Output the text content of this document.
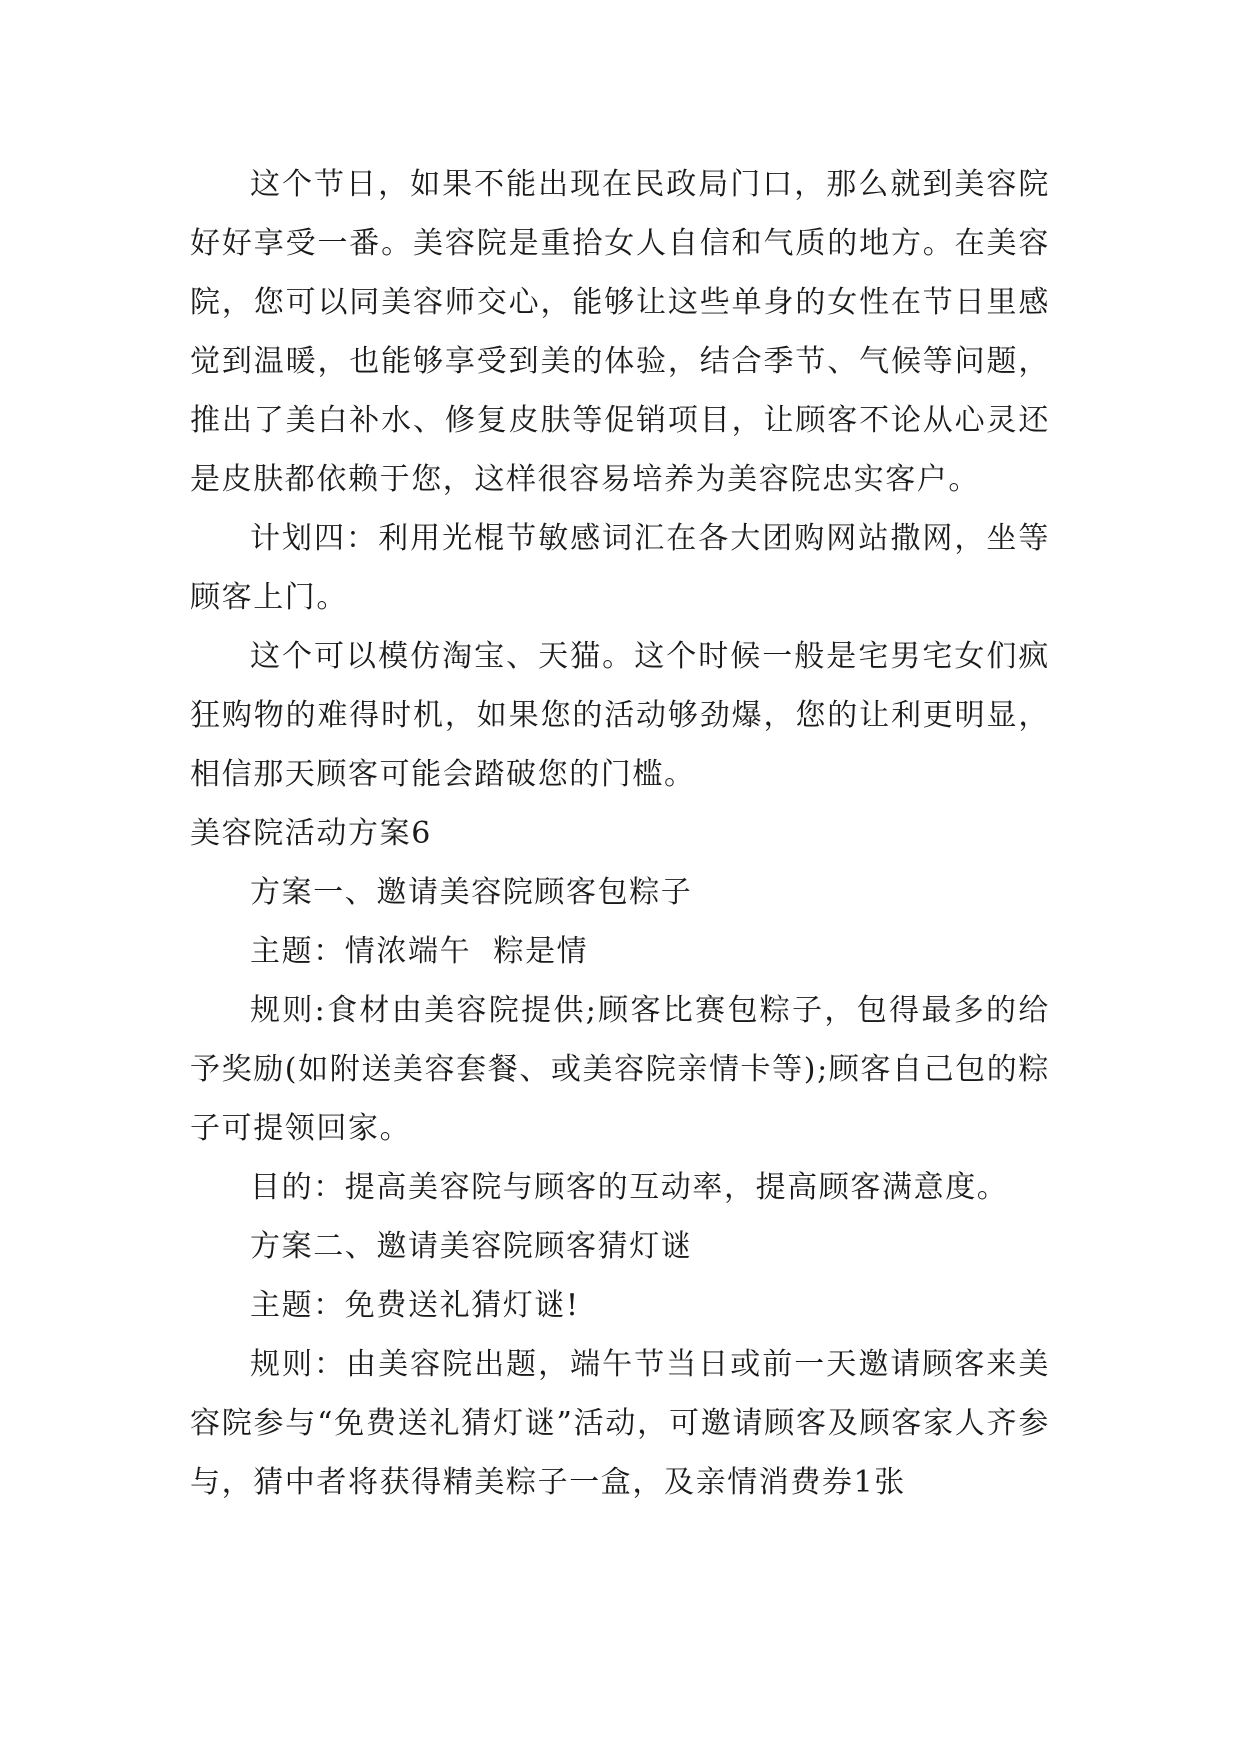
这个节日，如果不能出现在民政局门口，那么就到美容院好好享受一番。美容院是重拾女人自信和气质的地方。在美容院，您可以同美容师交心，能够让这些单身的女性在节日里感觉到温暖，也能够享受到美的体验，结合季节、气候等问题，推出了美白补水、修复皮肤等促销项目，让顾客不论从心灵还是皮肤都依赖于您，这样很容易培养为美容院忠实客户。

计划四：利用光棍节敏感词汇在各大团购网站撒网，坐等顾客上门。

这个可以模仿淘宝、天猫。这个时候一般是宅男宅女们疯狂购物的难得时机，如果您的活动够劲爆，您的让利更明显，相信那天顾客可能会踏破您的门槛。

美容院活动方案6

方案一、邀请美容院顾客包粽子

主题：情浓端午  粽是情

规则:食材由美容院提供;顾客比赛包粽子，包得最多的给予奖励(如附送美容套餐、或美容院亲情卡等);顾客自己包的粽子可提领回家。

目的：提高美容院与顾客的互动率，提高顾客满意度。

方案二、邀请美容院顾客猜灯谜

主题：免费送礼猜灯谜!

规则：由美容院出题，端午节当日或前一天邀请顾客来美容院参与“免费送礼猜灯谜”活动，可邀请顾客及顾客家人齐参与，猜中者将获得精美粽子一盒，及亲情消费券1张
